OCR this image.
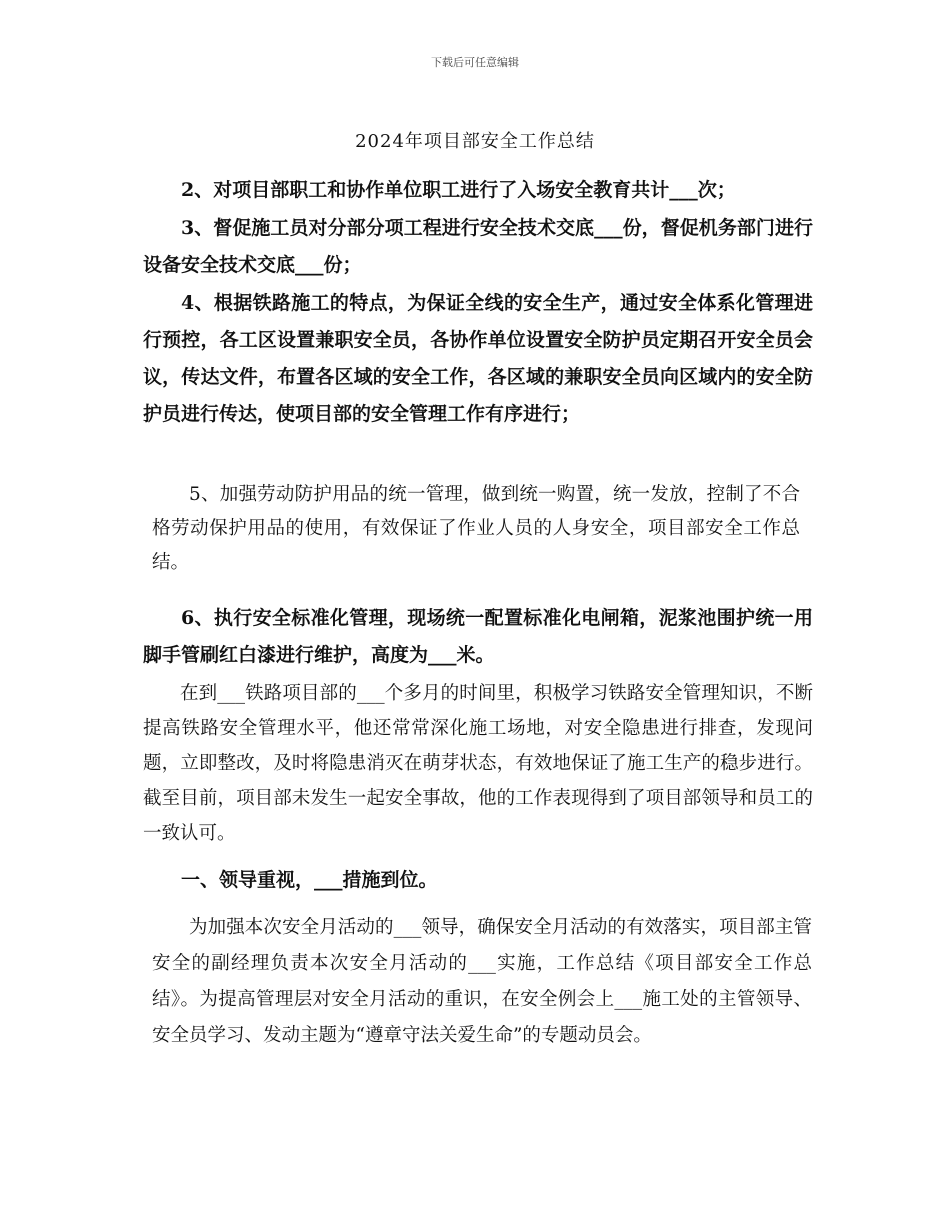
下载后可任意编辑
2024年项目部安全工作总结

2、对项目部职工和协作单位职工进行了入场安全教育共计___次；

3、督促施工员对分部分项工程进行安全技术交底___份，督促机务部门进行设备安全技术交底___份；

4、根据铁路施工的特点，为保证全线的安全生产，通过安全体系化管理进行预控，各工区设置兼职安全员，各协作单位设置安全防护员定期召开安全员会议，传达文件，布置各区域的安全工作，各区域的兼职安全员向区域内的安全防护员进行传达，使项目部的安全管理工作有序进行；

5、加强劳动防护用品的统一管理，做到统一购置，统一发放，控制了不合格劳动保护用品的使用，有效保证了作业人员的人身安全，项目部安全工作总结。

6、执行安全标准化管理，现场统一配置标准化电闸箱，泥浆池围护统一用脚手管刷红白漆进行维护，高度为___米。

在到___铁路项目部的___个多月的时间里，积极学习铁路安全管理知识，不断提高铁路安全管理水平，他还常常深化施工场地，对安全隐患进行排查，发现问题，立即整改，及时将隐患消灭在萌芽状态，有效地保证了施工生产的稳步进行。截至目前，项目部未发生一起安全事故，他的工作表现得到了项目部领导和员工的一致认可。

一、领导重视，___措施到位。

为加强本次安全月活动的___领导，确保安全月活动的有效落实，项目部主管安全的副经理负责本次安全月活动的___实施，工作总结《项目部安全工作总结》。为提高管理层对安全月活动的重识，在安全例会上___施工处的主管领导、安全员学习、发动主题为“遵章守法关爱生命”的专题动员会。
